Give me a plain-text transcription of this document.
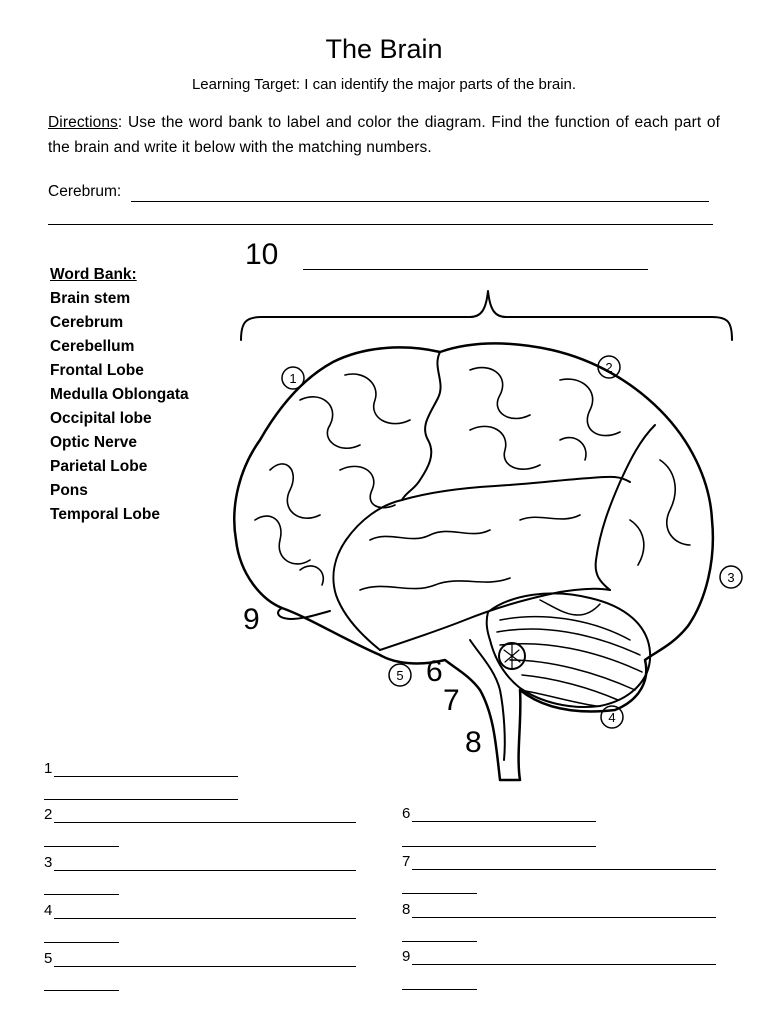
The Brain
Learning Target: I can identify the major parts of the brain.
Directions: Use the word bank to label and color the diagram. Find the function of each part of the brain and write it below with the matching numbers.
Cerebrum:
Word Bank:
Brain stem
Cerebrum
Cerebellum
Frontal Lobe
Medulla Oblongata
Occipital lobe
Optic Nerve
Parietal Lobe
Pons
Temporal Lobe
1
2
3
4
5
10
9
6
7
8
1
2
3
4
5
6
7
8
9
